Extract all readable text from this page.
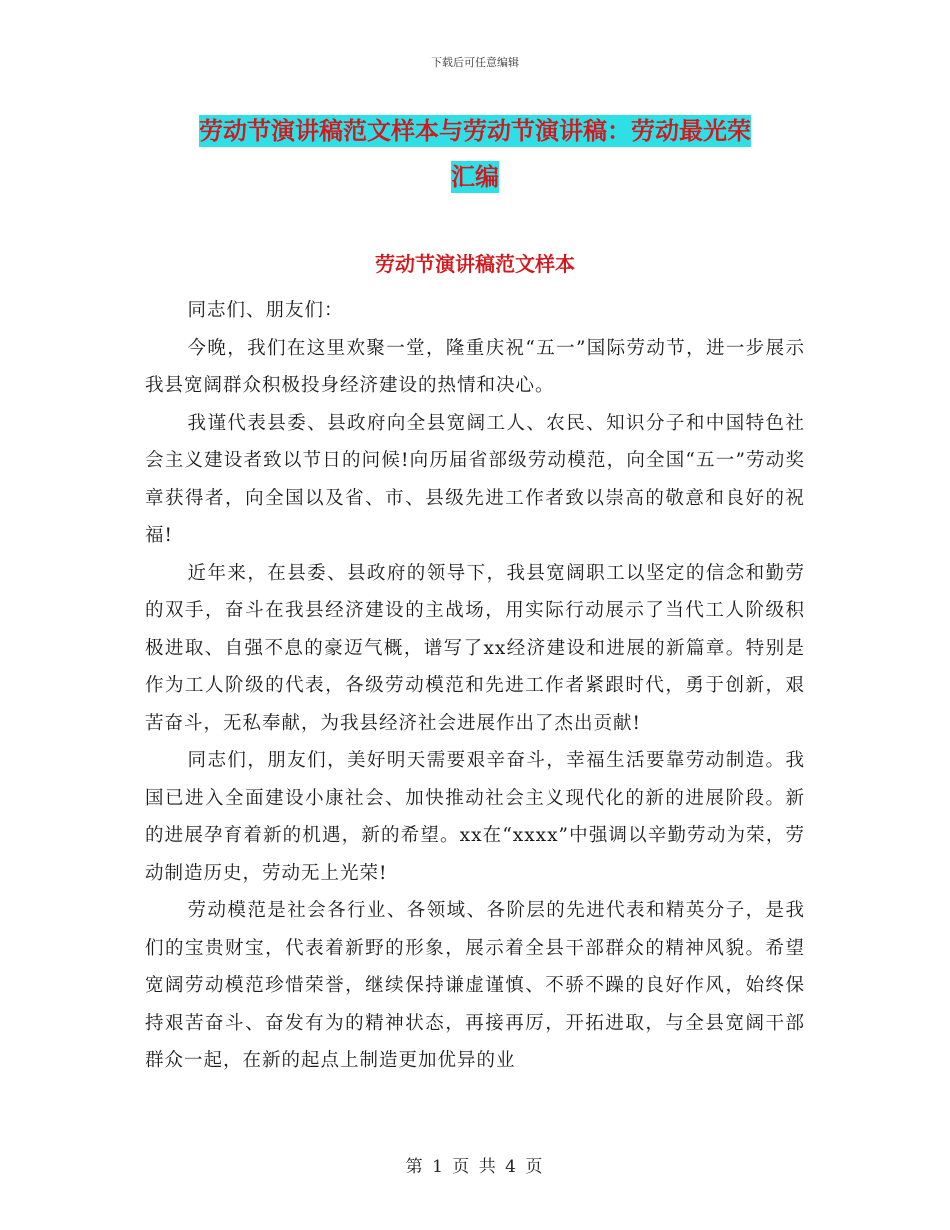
下载后可任意编辑
劳动节演讲稿范文样本与劳动节演讲稿：劳动最光荣
汇编
劳动节演讲稿范文样本

同志们、朋友们：

今晚，我们在这里欢聚一堂，隆重庆祝“五一”国际劳动节，进一步展示我县宽阔群众积极投身经济建设的热情和决心。

我谨代表县委、县政府向全县宽阔工人、农民、知识分子和中国特色社会主义建设者致以节日的问候!向历届省部级劳动模范，向全国“五一”劳动奖章获得者，向全国以及省、市、县级先进工作者致以崇高的敬意和良好的祝福!

近年来，在县委、县政府的领导下，我县宽阔职工以坚定的信念和勤劳的双手，奋斗在我县经济建设的主战场，用实际行动展示了当代工人阶级积极进取、自强不息的豪迈气概，谱写了xx经济建设和进展的新篇章。特别是作为工人阶级的代表，各级劳动模范和先进工作者紧跟时代，勇于创新，艰苦奋斗，无私奉献，为我县经济社会进展作出了杰出贡献!

同志们，朋友们，美好明天需要艰辛奋斗，幸福生活要靠劳动制造。我国已进入全面建设小康社会、加快推动社会主义现代化的新的进展阶段。新的进展孕育着新的机遇，新的希望。xx在“xxxx”中强调以辛勤劳动为荣，劳动制造历史，劳动无上光荣!

劳动模范是社会各行业、各领域、各阶层的先进代表和精英分子，是我们的宝贵财宝，代表着新野的形象，展示着全县干部群众的精神风貌。希望宽阔劳动模范珍惜荣誉，继续保持谦虚谨慎、不骄不躁的良好作风，始终保持艰苦奋斗、奋发有为的精神状态，再接再厉，开拓进取，与全县宽阔干部群众一起，在新的起点上制造更加优异的业

第 1 页 共 4 页
